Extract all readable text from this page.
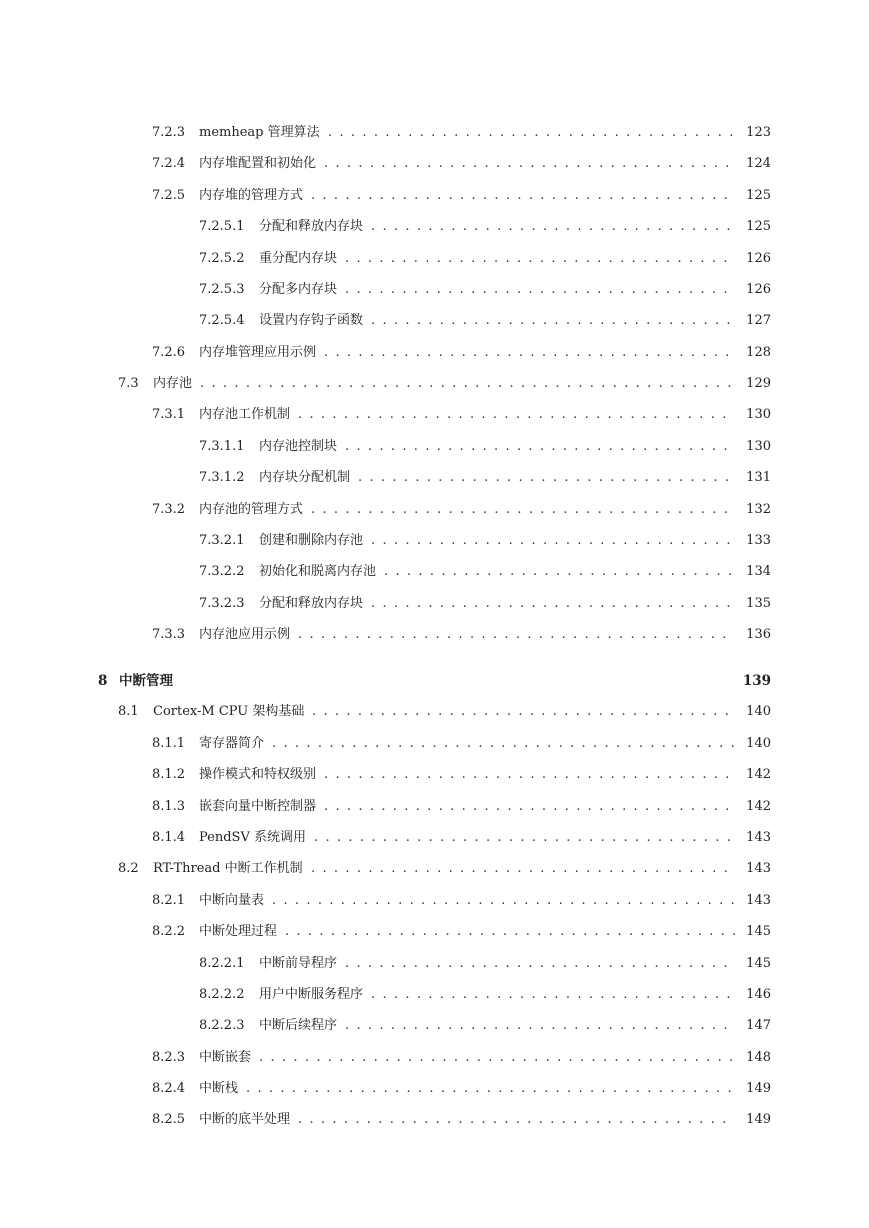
7.2.3 memheap 管理算法 . . .	123
7.2.4 内存堆配置和初始化 . . .	124
7.2.5 内存堆的管理方式 . . .	125
7.2.5.1 分配和释放内存块 . . .	125
7.2.5.2 重分配内存块 . . .	126
7.2.5.3 分配多内存块 . . .	126
7.2.5.4 设置内存钩子函数 . . .	127
7.2.6 内存堆管理应用示例 . . .	128
7.3 内存池 . . .	129
7.3.1 内存池工作机制 . . .	130
7.3.1.1 内存池控制块 . . .	130
7.3.1.2 内存块分配机制 . . .	131
7.3.2 内存池的管理方式 . . .	132
7.3.2.1 创建和删除内存池 . . .	133
7.3.2.2 初始化和脱离内存池 . . .	134
7.3.2.3 分配和释放内存块 . . .	135
7.3.3 内存池应用示例 . . .	136
8 中断管理	139
8.1 Cortex-M CPU 架构基础 . . .	140
8.1.1 寄存器简介 . . .	140
8.1.2 操作模式和特权级别 . . .	142
8.1.3 嵌套向量中断控制器 . . .	142
8.1.4 PendSV 系统调用 . . .	143
8.2 RT-Thread 中断工作机制 . . .	143
8.2.1 中断向量表 . . .	143
8.2.2 中断处理过程 . . .	145
8.2.2.1 中断前导程序 . . .	145
8.2.2.2 用户中断服务程序 . . .	146
8.2.2.3 中断后续程序 . . .	147
8.2.3 中断嵌套 . . .	148
8.2.4 中断栈 . . .	149
8.2.5 中断的底半处理 . . .	149
